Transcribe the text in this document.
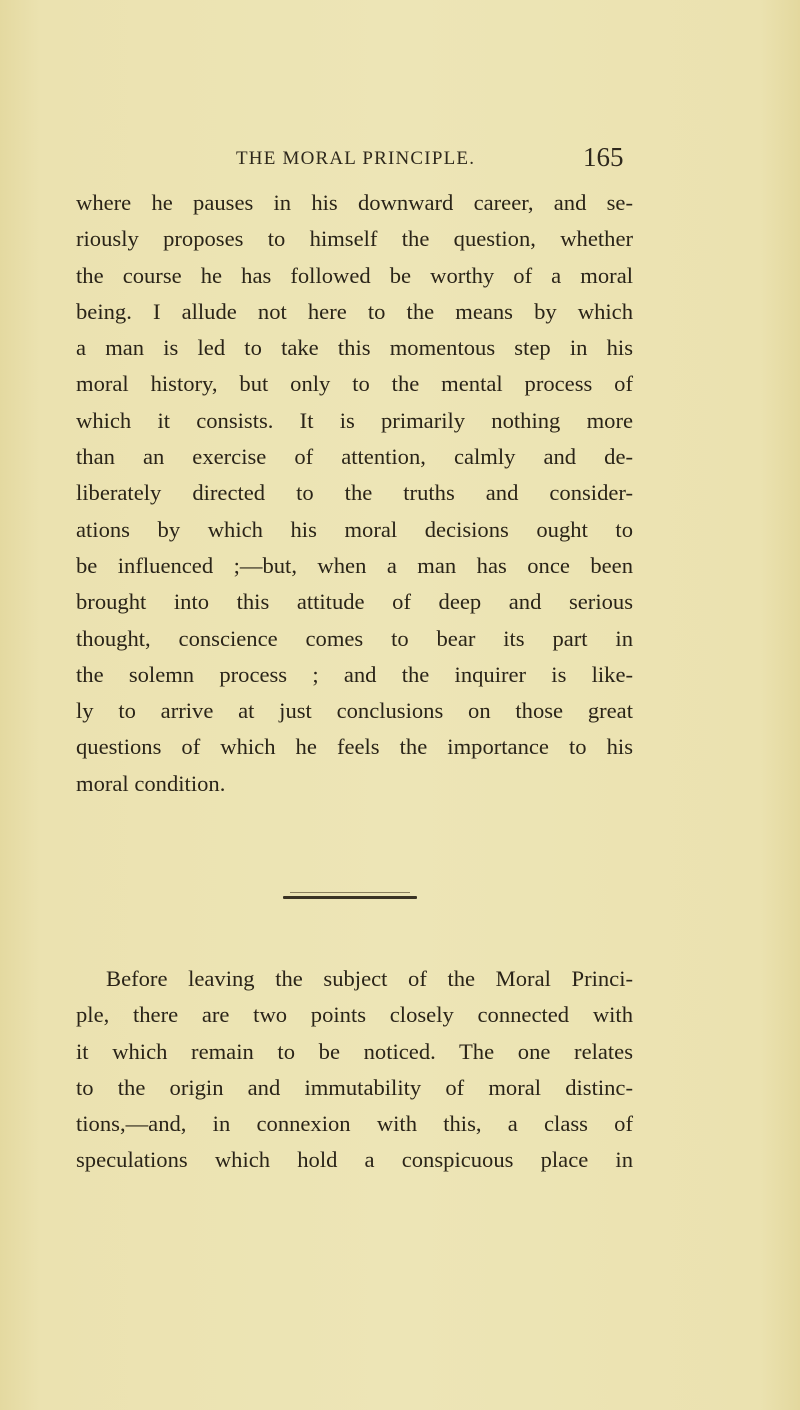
THE MORAL PRINCIPLE.	165
where he pauses in his downward career, and se-
riously proposes to himself the question, whether
the course he has followed be worthy of a moral
being. I allude not here to the means by which
a man is led to take this momentous step in his
moral history, but only to the mental process of
which it consists. It is primarily nothing more
than an exercise of attention, calmly and de-
liberately directed to the truths and consider-
ations by which his moral decisions ought to
be influenced ;—but, when a man has once been
brought into this attitude of deep and serious
thought, conscience comes to bear its part in
the solemn process ; and the inquirer is like-
ly to arrive at just conclusions on those great
questions of which he feels the importance to his
moral condition.
Before leaving the subject of the Moral Princi-
ple, there are two points closely connected with
it which remain to be noticed. The one relates
to the origin and immutability of moral distinc-
tions,—and, in connexion with this, a class of
speculations which hold a conspicuous place in
